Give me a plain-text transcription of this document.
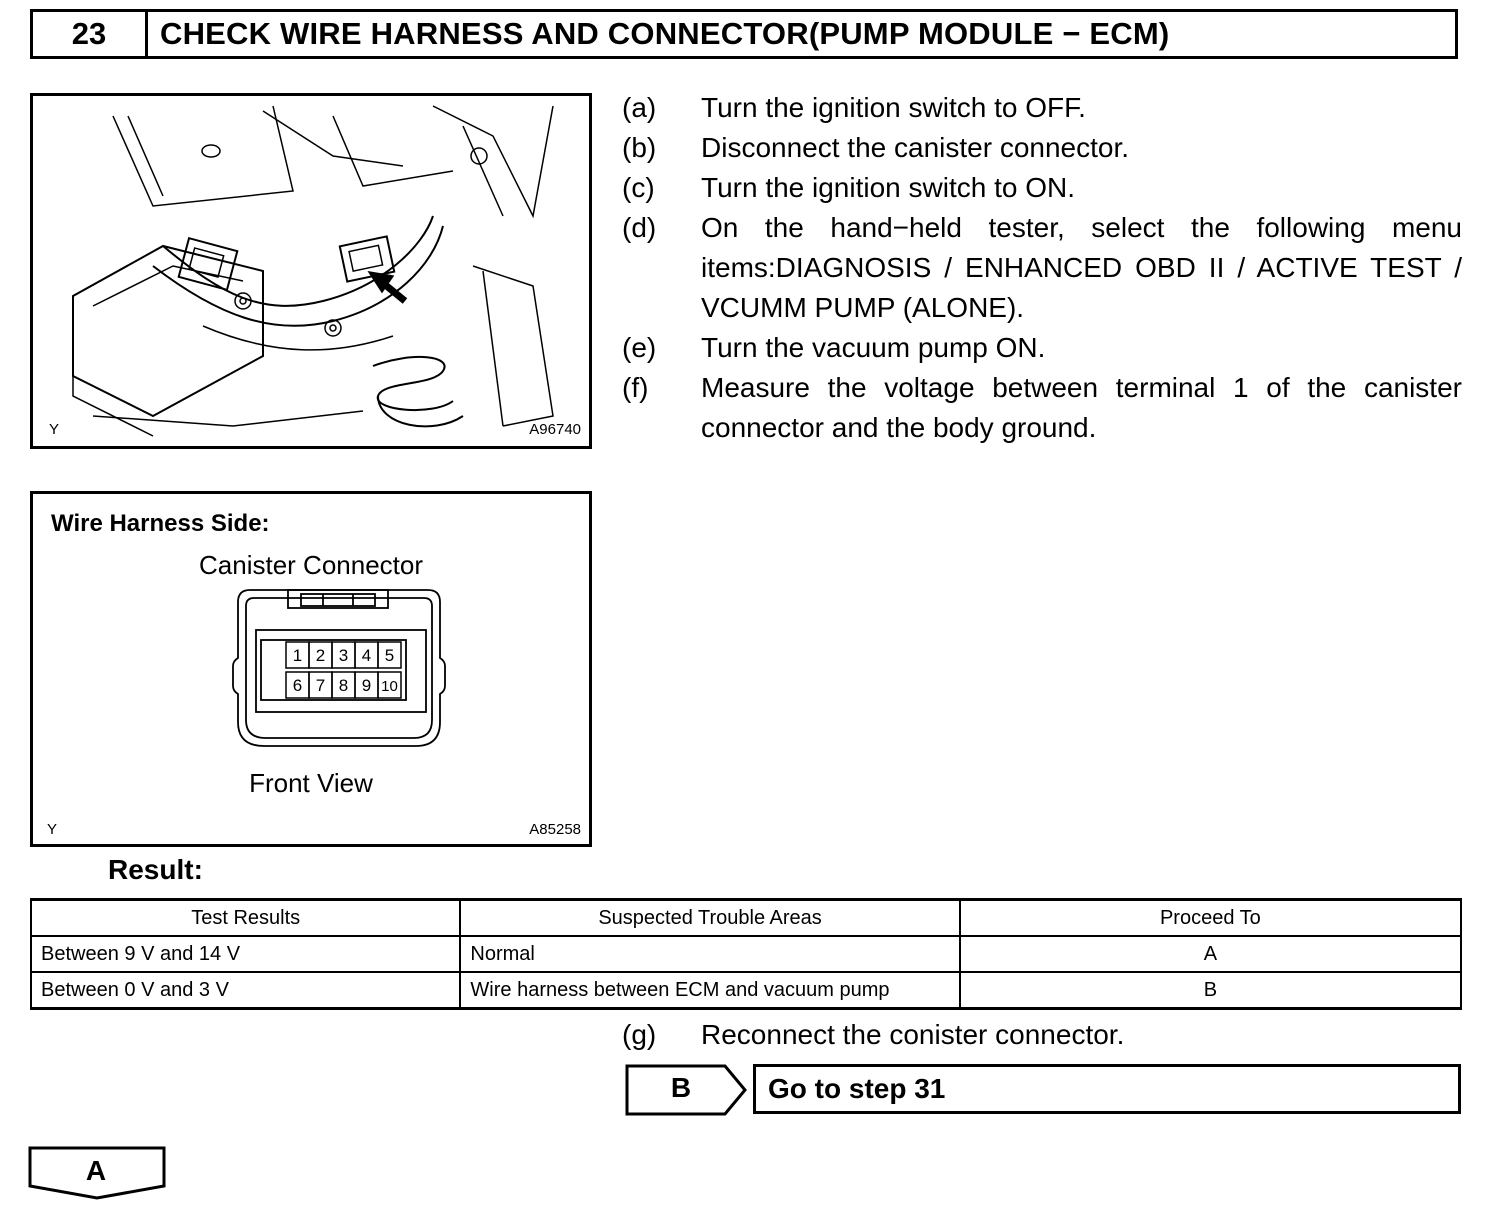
23	CHECK WIRE HARNESS AND CONNECTOR(PUMP MODULE − ECM)
Y	A96740
Wire Harness Side:
Canister Connector
1 2 3 4 5
6 7 8 9 10
Front View
Y	A85258
(a)	Turn the ignition switch to OFF.
(b)	Disconnect the canister connector.
(c)	Turn the ignition switch to ON.
(d)	On the hand−held tester, select the following menu items:DIAGNOSIS / ENHANCED OBD II / ACTIVE TEST / VCUMM PUMP (ALONE).
(e)	Turn the vacuum pump ON.
(f)	Measure the voltage between terminal 1 of the canister connector and the body ground.
Result:
Test Results	Suspected Trouble Areas	Proceed To
Between 9 V and 14 V	Normal	A
Between 0 V and 3 V	Wire harness between ECM and vacuum pump	B
(g)	Reconnect the conister connector.
B	Go to step 31
A
